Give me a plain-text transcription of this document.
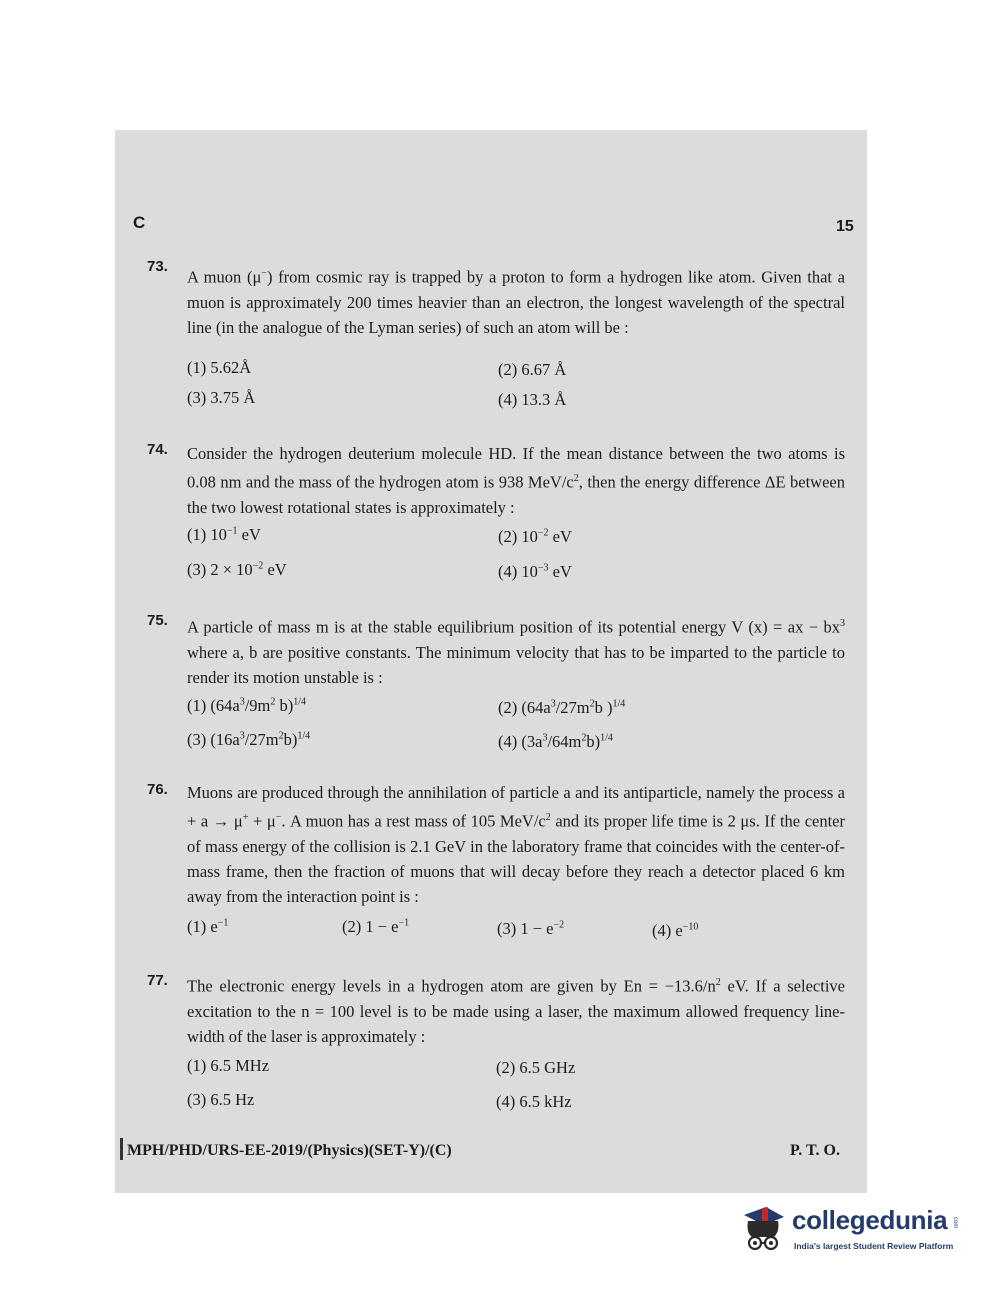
C	15
73.
A muon (μ−) from cosmic ray is trapped by a proton to form a hydrogen like atom. Given that a muon is approximately 200 times heavier than an electron, the longest wavelength of the spectral line (in the analogue of the Lyman series) of such an atom will be :
(1) 5.62Å	(2) 6.67 Å
(3) 3.75 Å	(4) 13.3 Å
74. Consider the hydrogen deuterium molecule HD. If the mean distance between the two atoms is 0.08 nm and the mass of the hydrogen atom is 938 MeV/$c^2$, then the energy difference ΔE between the two lowest rotational states is approximately :
(1) $10^{-1}$ eV	(2) $10^{-2}$ eV
(3) $2 \times 10^{-2}$ eV	(4) $10^{-3}$ eV
75. A particle of mass m is at the stable equilibrium position of its potential energy V (x) = ax − $bx^3$ where a, b are positive constants. The minimum velocity that has to be imparted to the particle to render its motion unstable is :
(1) ($64a^3/9m^2$ b)$^{1/4}$	(2) ($64a^3/27m^2b$ )$^{1/4}$
(3) $(16a^3/27m^2b)^{1/4}$	(4) $(3a^3/64m^2b)^{1/4}$
76. Muons are produced through the annihilation of particle a and its antiparticle, namely the process a + a → μ+ + μ−. A muon has a rest mass of 105 MeV/$c^2$ and its proper life time is 2 μs. If the center of mass energy of the collision is 2.1 GeV in the laboratory frame that coincides with the center-of-mass frame, then the fraction of muons that will decay before they reach a detector placed 6 km away from the interaction point is :
(1) $e^{-1}$	(2) $1 - e^{-1}$	(3) $1 - e^{-2}$	(4) $e^{-10}$
77. The electronic energy levels in a hydrogen atom are given by $En = -13.6/n^2$ eV. If a selective excitation to the n = 100 level is to be made using a laser, the maximum allowed frequency line-width of the laser is approximately :
(1) 6.5 MHz	(2) 6.5 GHz
(3) 6.5 Hz	(4) 6.5 kHz
MPH/PHD/URS-EE-2019/(Physics)(SET-Y)/(C)	P. T. O.
collegedunia
India's largest Student Review Platform
com
